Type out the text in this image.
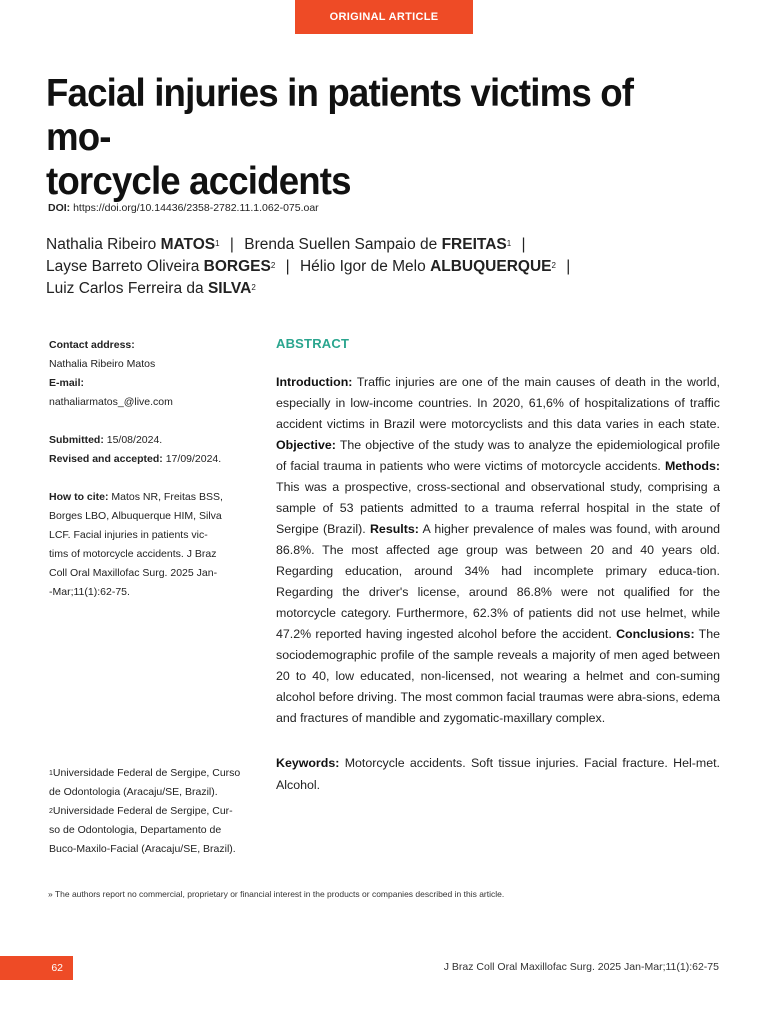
ORIGINAL ARTICLE
Facial injuries in patients victims of mo-
torcycle accidents
DOI: https://doi.org/10.14436/2358-2782.11.1.062-075.oar
Nathalia Ribeiro MATOS$^1$ | Brenda Suellen Sampaio de FREITAS$^1$ |
Layse Barreto Oliveira BORGES$^2$ | Hélio Igor de Melo ALBUQUERQUE$^2$ |
Luiz Carlos Ferreira da SILVA$^2$
Contact address:
Nathalia Ribeiro Matos
E-mail:
nathaliarmatos_@live.com
Submitted: 15/08/2024.
Revised and accepted: 17/09/2024.
How to cite: Matos NR, Freitas BSS,
Borges LBO, Albuquerque HIM, Silva
LCF. Facial injuries in patients vic-
tims of motorcycle accidents. J Braz
Coll Oral Maxillofac Surg. 2025 Jan-
-Mar;11(1):62-75.
$^1$Universidade Federal de Sergipe, Curso
de Odontologia (Aracaju/SE, Brazil).
$^2$Universidade Federal de Sergipe, Cur-
so de Odontologia, Departamento de
Buco-Maxilo-Facial (Aracaju/SE, Brazil).
ABSTRACT

Introduction: Traffic injuries are one of the main causes of death in the world, especially in low-income countries. In 2020, 61,6% of hospitalizations of traffic accident victims in Brazil were motorcyclists and this data varies in each state. Objective: The objective of the study was to analyze the epidemiological profile of facial trauma in patients who were victims of motorcycle accidents. Methods: This was a prospective, cross-sectional and observational study, comprising a sample of 53 patients admitted to a trauma referral hospital in the state of Sergipe (Brazil). Results: A higher prevalence of males was found, with around 86.8%. The most affected age group was between 20 and 40 years old. Regarding education, around 34% had incomplete primary educa-tion. Regarding the driver's license, around 86.8% were not qualified for the motorcycle category. Furthermore, 62.3% of patients did not use helmet, while 47.2% reported having ingested alcohol before the accident. Conclusions: The sociodemographic profile of the sample reveals a majority of men aged between 20 to 40, low educated, non-licensed, not wearing a helmet and con-suming alcohol before driving. The most common facial traumas were abra-sions, edema and fractures of mandible and zygomatic-maxillary complex.

Keywords: Motorcycle accidents. Soft tissue injuries. Facial fracture. Hel-met. Alcohol.

» The authors report no commercial, proprietary or financial interest in the products or companies described in this article.
62	J Braz Coll Oral Maxillofac Surg. 2025 Jan-Mar;11(1):62-75
